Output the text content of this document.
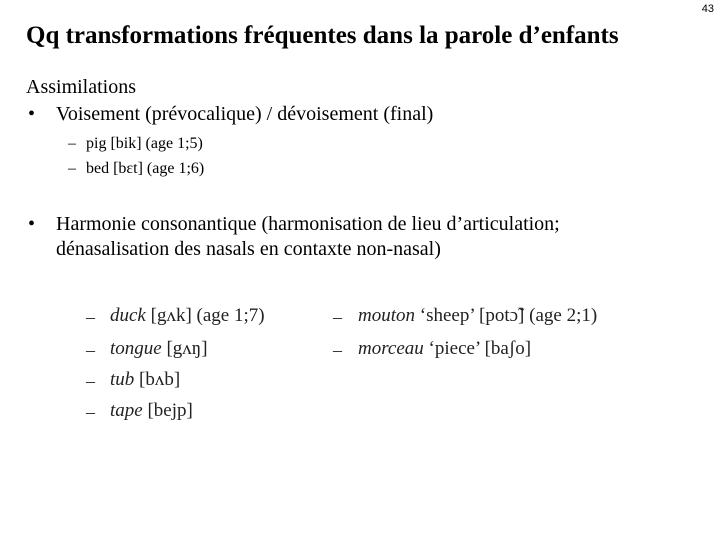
43
Qq transformations fréquentes dans la parole d’enfants
Assimilations
• Voisement (prévocalique) / dévoisement (final)
– pig [bik] (age 1;5)
– bed [bɛt] (age 1;6)
• Harmonie consonantique (harmonisation de lieu d’articulation;
dénasalisation des nasals en contaxte non-nasal)
– duck [gʌk] (age 1;7)
– tongue [gʌŋ]
– tub [bʌb]
– tape [bejp]
– mouton ‘sheep’ [potɔ̃] (age 2;1)
– morceau ‘piece’ [baʃo]
